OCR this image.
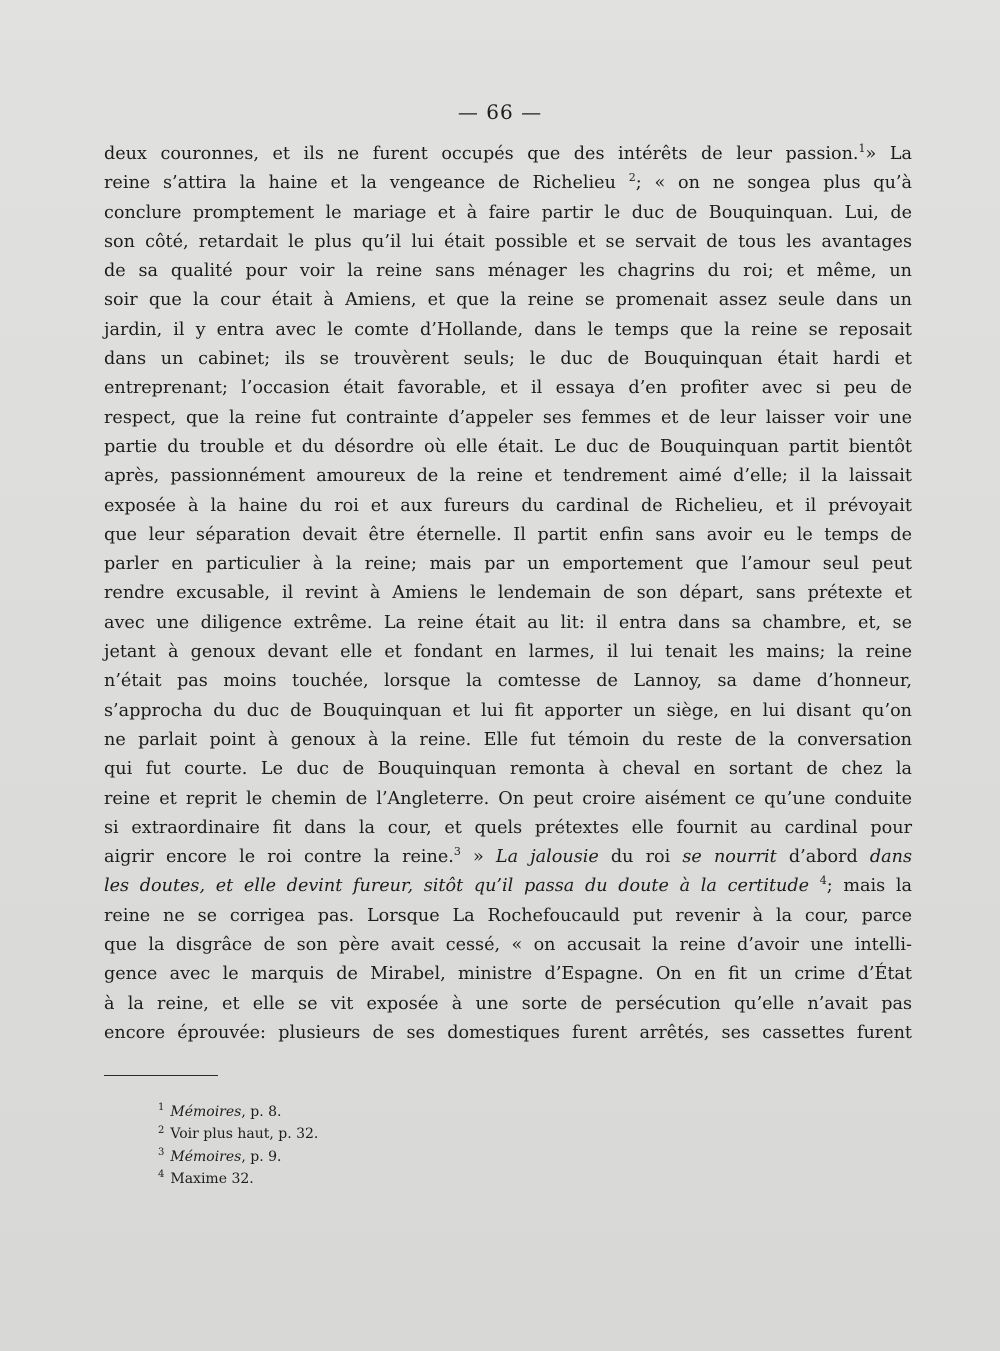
— 66 —
deux couronnes, et ils ne furent occupés que des intérêts de leur passion.$^1$» La
reine s’attira la haine et la vengeance de Richelieu $^2$; « on ne songea plus qu’à
conclure promptement le mariage et à faire partir le duc de Bouquinquan. Lui, de
son côté, retardait le plus qu’il lui était possible et se servait de tous les avantages
de sa qualité pour voir la reine sans ménager les chagrins du roi; et même, un
soir que la cour était à Amiens, et que la reine se promenait assez seule dans un
jardin, il y entra avec le comte d’Hollande, dans le temps que la reine se reposait
dans un cabinet; ils se trouvèrent seuls; le duc de Bouquinquan était hardi et
entreprenant; l’occasion était favorable, et il essaya d’en profiter avec si peu de
respect, que la reine fut contrainte d’appeler ses femmes et de leur laisser voir une
partie du trouble et du désordre où elle était. Le duc de Bouquinquan partit bientôt
après, passionnément amoureux de la reine et tendrement aimé d’elle; il la laissait
exposée à la haine du roi et aux fureurs du cardinal de Richelieu, et il prévoyait
que leur séparation devait être éternelle. Il partit enfin sans avoir eu le temps de
parler en particulier à la reine; mais par un emportement que l’amour seul peut
rendre excusable, il revint à Amiens le lendemain de son départ, sans prétexte et
avec une diligence extrême. La reine était au lit: il entra dans sa chambre, et, se
jetant à genoux devant elle et fondant en larmes, il lui tenait les mains; la reine
n’était pas moins touchée, lorsque la comtesse de Lannoy, sa dame d’honneur,
s’approcha du duc de Bouquinquan et lui fit apporter un siège, en lui disant qu’on
ne parlait point à genoux à la reine. Elle fut témoin du reste de la conversation
qui fut courte. Le duc de Bouquinquan remonta à cheval en sortant de chez la
reine et reprit le chemin de l’Angleterre. On peut croire aisément ce qu’une conduite
si extraordinaire fit dans la cour, et quels prétextes elle fournit au cardinal pour
aigrir encore le roi contre la reine.$^3$ » La jalousie du roi se nourrit d’abord dans
les doutes, et elle devint fureur, sitôt qu’il passa du doute à la certitude $^4$; mais la
reine ne se corrigea pas. Lorsque La Rochefoucauld put revenir à la cour, parce
que la disgrâce de son père avait cessé, « on accusait la reine d’avoir une intelli-
gence avec le marquis de Mirabel, ministre d’Espagne. On en fit un crime d’État
à la reine, et elle se vit exposée à une sorte de persécution qu’elle n’avait pas
encore éprouvée: plusieurs de ses domestiques furent arrêtés, ses cassettes furent
$^1$ Mémoires, p. 8.
$^2$ Voir plus haut, p. 32.
$^3$ Mémoires, p. 9.
$^4$ Maxime 32.
